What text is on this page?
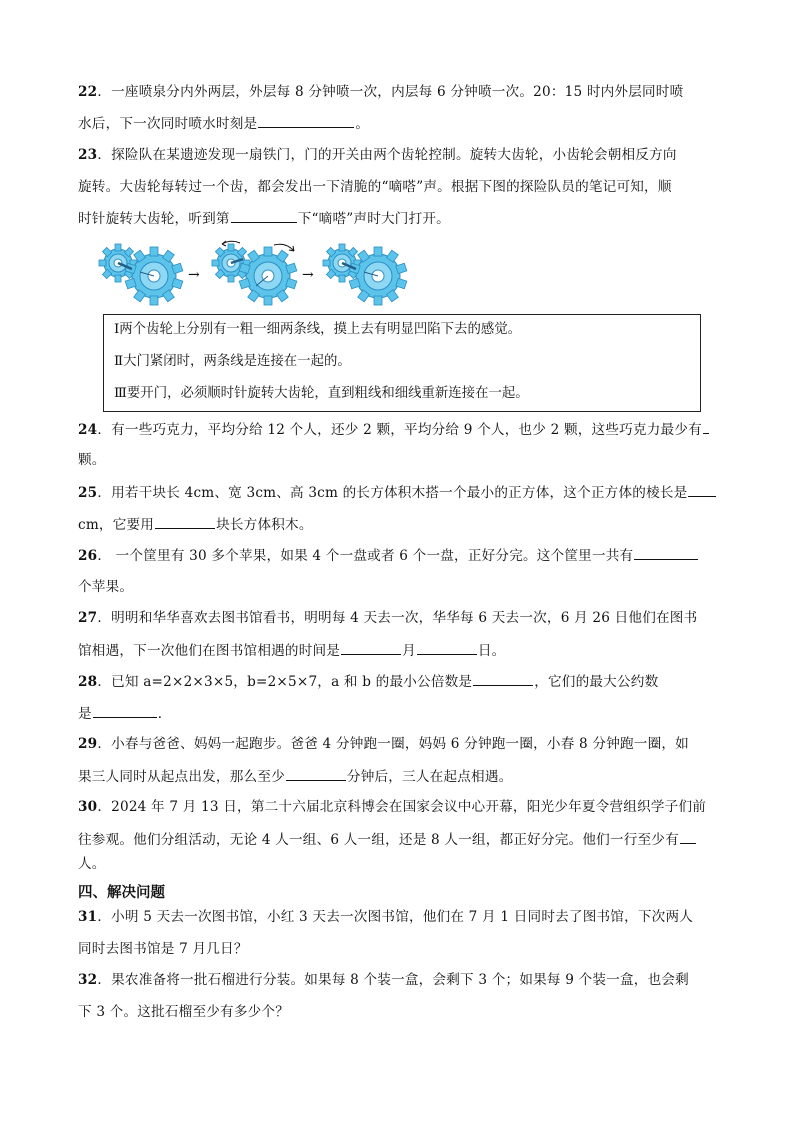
22．一座喷泉分内外两层，外层每 8 分钟喷一次，内层每 6 分钟喷一次。20：15 时内外层同时喷
水后，下一次同时喷水时刻是	。
23．探险队在某遗迹发现一扇铁门，门的开关由两个齿轮控制。旋转大齿轮，小齿轮会朝相反方向
旋转。大齿轮每转过一个齿，都会发出一下清脆的“嘀嗒”声。根据下图的探险队员的笔记可知，顺
时针旋转大齿轮，听到第	下“嘀嗒”声时大门打开。
→	→
Ⅰ两个齿轮上分别有一粗一细两条线，摸上去有明显凹陷下去的感觉。
Ⅱ大门紧闭时，两条线是连接在一起的。
Ⅲ要开门，必须顺时针旋转大齿轮，直到粗线和细线重新连接在一起。
24．有一些巧克力，平均分给 12 个人，还少 2 颗，平均分给 9 个人，也少 2 颗，这些巧克力最少有
颗。
25．用若干块长 4cm、宽 3cm、高 3cm 的长方体积木搭一个最小的正方体，这个正方体的棱长是
cm，它要用	块长方体积木。
26． 一个筐里有 30 多个苹果，如果 4 个一盘或者 6 个一盘，正好分完。这个筐里一共有
个苹果。
27．明明和华华喜欢去图书馆看书，明明每 4 天去一次，华华每 6 天去一次，6 月 26 日他们在图书
馆相遇，下一次他们在图书馆相遇的时间是	月	日。
28．已知 a=2×2×3×5，b=2×5×7，a 和 b 的最小公倍数是	，它们的最大公约数
是	．
29．小春与爸爸、妈妈一起跑步。爸爸 4 分钟跑一圈，妈妈 6 分钟跑一圈，小春 8 分钟跑一圈，如
果三人同时从起点出发，那么至少	分钟后，三人在起点相遇。
30．2024 年 7 月 13 日，第二十六届北京科博会在国家会议中心开幕，阳光少年夏令营组织学子们前
往参观。他们分组活动，无论 4 人一组、6 人一组，还是 8 人一组，都正好分完。他们一行至少有
人。
四、解决问题
31．小明 5 天去一次图书馆，小红 3 天去一次图书馆，他们在 7 月 1 日同时去了图书馆，下次两人
同时去图书馆是 7 月几日？
32．果农准备将一批石榴进行分装。如果每 8 个装一盒，会剩下 3 个；如果每 9 个装一盒，也会剩
下 3 个。这批石榴至少有多少个？
